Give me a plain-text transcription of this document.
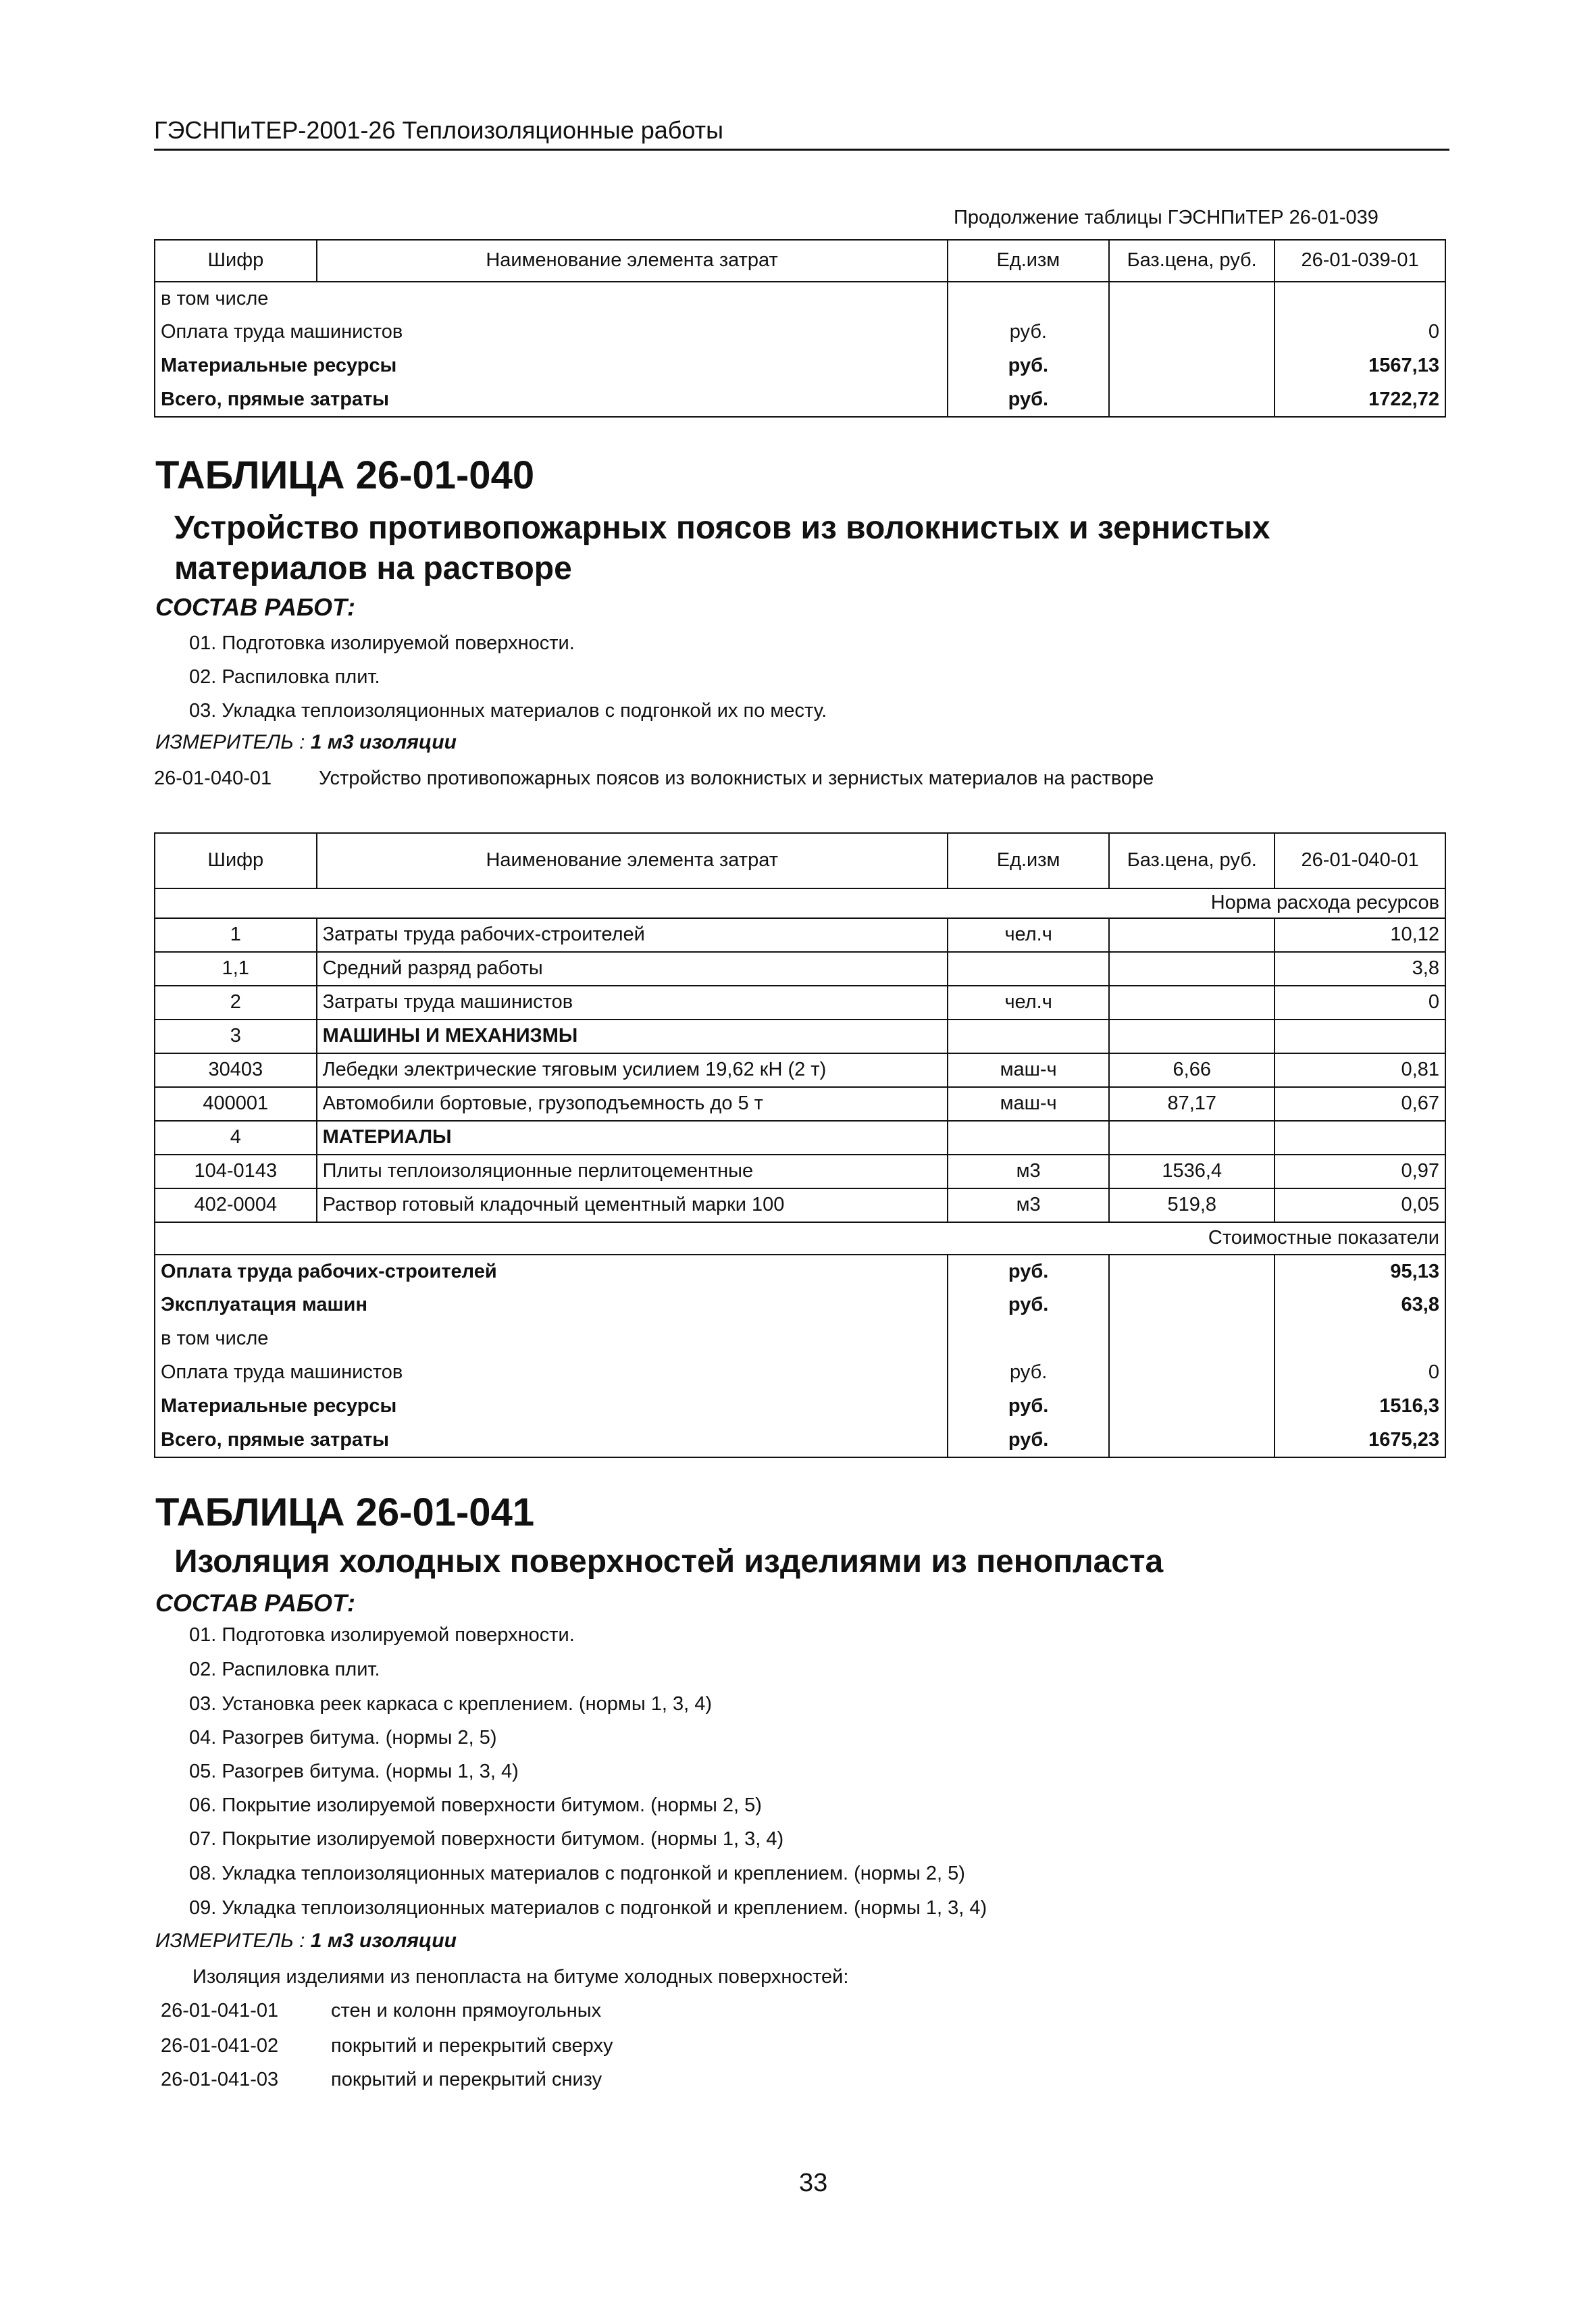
ГЭСНПиТЕР-2001-26 Теплоизоляционные работы
Продолжение таблицы ГЭСНПиТЕР 26-01-039
Шифр	Наименование элемента затрат	Ед.изм	Баз.цена, руб.	26-01-039-01
в том числе				
Оплата труда машинистов		руб.		0
Материальные ресурсы		руб.		1567,13
Всего, прямые затраты		руб.		1722,72
ТАБЛИЦА 26-01-040
Устройство противопожарных поясов из волокнистых и зернистых материалов на растворе
СОСТАВ РАБОТ:
01. Подготовка изолируемой поверхности.
02. Распиловка плит.
03. Укладка теплоизоляционных материалов с подгонкой их по месту.
ИЗМЕРИТЕЛЬ : 1 м3 изоляции
26-01-040-01 Устройство противопожарных поясов из волокнистых и зернистых материалов на растворе
Шифр	Наименование элемента затрат	Ед.изм	Баз.цена, руб.	26-01-040-01
Норма расхода ресурсов				
1	Затраты труда рабочих-строителей	чел.ч		10,12
1,1	Средний разряд работы			3,8
2	Затраты труда машинистов	чел.ч		0
3	МАШИНЫ И МЕХАНИЗМЫ			
30403	Лебедки электрические тяговым усилием 19,62 кН (2 т)	маш-ч	6,66	0,81
400001	Автомобили бортовые, грузоподъемность до 5 т	маш-ч	87,17	0,67
4	МАТЕРИАЛЫ			
104-0143	Плиты теплоизоляционные перлитоцементные	м3	1536,4	0,97
402-0004	Раствор готовый кладочный цементный марки 100	м3	519,8	0,05
Стоимостные показатели				
Оплата труда рабочих-строителей		руб.		95,13
Эксплуатация машин		руб.		63,8
в том числе				
Оплата труда машинистов		руб.		0
Материальные ресурсы		руб.		1516,3
Всего, прямые затраты		руб.		1675,23
ТАБЛИЦА 26-01-041
Изоляция холодных поверхностей изделиями из пенопласта
СОСТАВ РАБОТ:
01. Подготовка изолируемой поверхности.
02. Распиловка плит.
03. Установка реек каркаса с креплением. (нормы 1, 3, 4)
04. Разогрев битума. (нормы 2, 5)
05. Разогрев битума. (нормы 1, 3, 4)
06. Покрытие изолируемой поверхности битумом. (нормы 2, 5)
07. Покрытие изолируемой поверхности битумом. (нормы 1, 3, 4)
08. Укладка теплоизоляционных материалов с подгонкой и креплением. (нормы 2, 5)
09. Укладка теплоизоляционных материалов с подгонкой и креплением. (нормы 1, 3, 4)
ИЗМЕРИТЕЛЬ : 1 м3 изоляции
Изоляция изделиями из пенопласта на битуме холодных поверхностей:
26-01-041-01	стен и колонн прямоугольных
26-01-041-02	покрытий и перекрытий сверху
26-01-041-03	покрытий и перекрытий снизу
33
